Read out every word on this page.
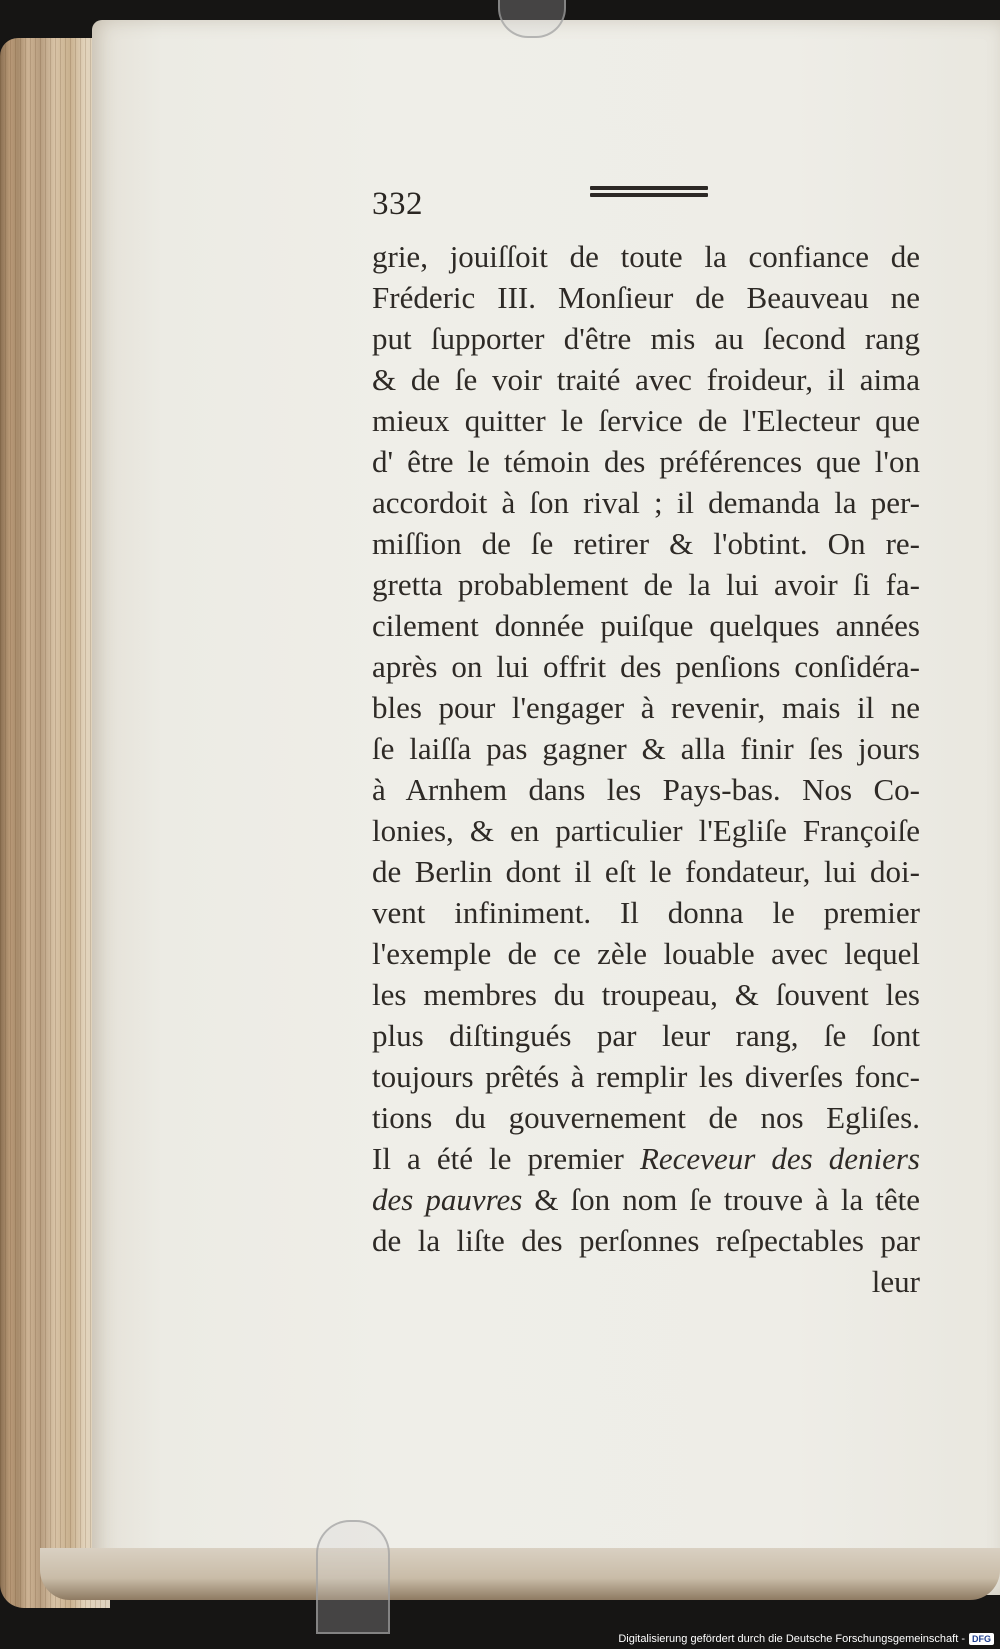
332
grie, jouiſſoit de toute la confiance de
Fréderic III. Monſieur de Beauveau ne
put ſupporter d'être mis au ſecond rang
& de ſe voir traité avec froideur, il aima
mieux quitter le ſervice de l'Electeur que
d' être le témoin des préférences que l'on
accordoit à ſon rival ; il demanda la per-
miſſion de ſe retirer & l'obtint. On re-
gretta probablement de la lui avoir ſi fa-
cilement donnée puiſque quelques années
après on lui offrit des penſions conſidéra-
bles pour l'engager à revenir, mais il ne
ſe laiſſa pas gagner & alla finir ſes jours
à Arnhem dans les Pays-bas. Nos Co-
lonies, & en particulier l'Egliſe Françoiſe
de Berlin dont il eſt le fondateur, lui doi-
vent infiniment. Il donna le premier
l'exemple de ce zèle louable avec lequel
les membres du troupeau, & ſouvent les
plus diſtingués par leur rang, ſe ſont
toujours prêtés à remplir les diverſes fonc-
tions du gouvernement de nos Egliſes.
Il a été le premier Receveur des deniers
des pauvres & ſon nom ſe trouve à la tête
de la liſte des perſonnes reſpectables par
leur
Digitalisierung gefördert durch die Deutsche Forschungsgemeinschaft - DFG
